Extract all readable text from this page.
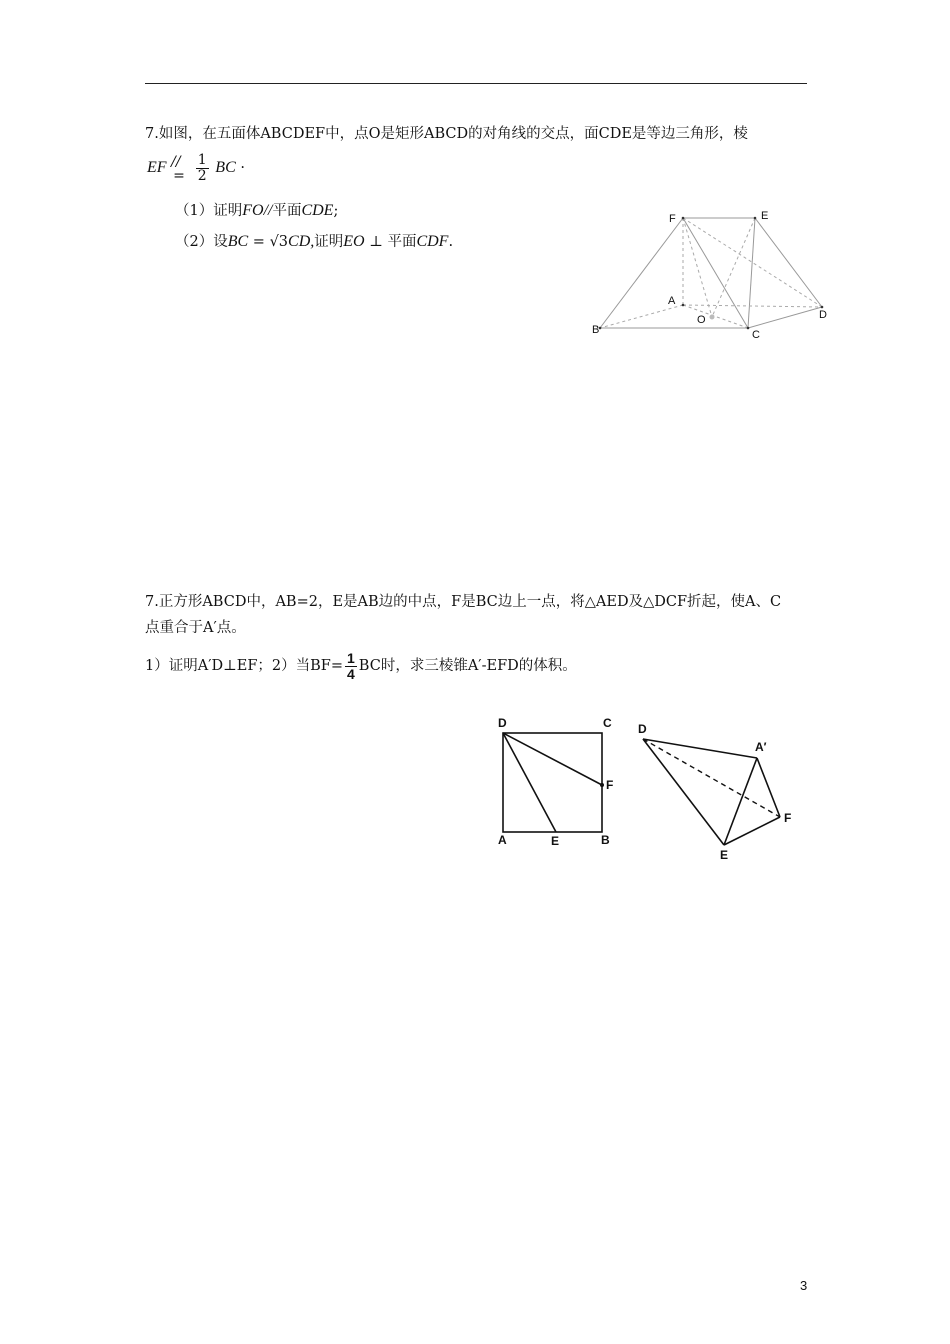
7.如图，在五面体ABCDEF中，点O是矩形ABCD的对角线的交点，面CDE是等边三角形，棱
EF //
=
$\frac{1}{2}$ BC ·
（1）证明FO//平面CDE;
（2）设BC = √3CD,证明EO ⊥ 平面CDF.
F	E
A
O	D
B	C
7.正方形ABCD中，AB=2，E是AB边的中点，F是BC边上一点，将△AED及△DCF折起，使A、C
点重合于A′点。
1）证明A′D⊥EF；2）当$BF= \frac{1}{4}$ BC时，求三棱锥A′-EFD的体积。
D	C
F
A	E	B
D
A′
F
E
3
